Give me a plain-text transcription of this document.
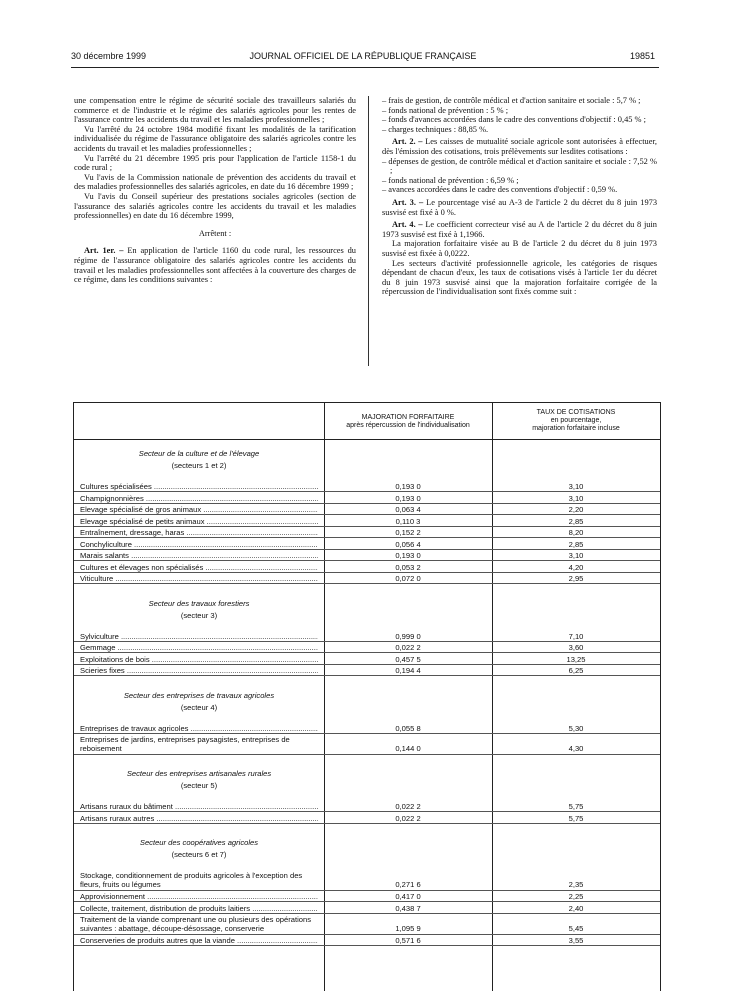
30 décembre 1999	JOURNAL OFFICIEL DE LA RÉPUBLIQUE FRANÇAISE	19851

une compensation entre le régime de sécurité sociale des travailleurs salariés du commerce et de l'industrie et le régime des salariés agricoles pour les rentes de l'assurance contre les accidents du travail et les maladies professionnelles ;

Vu l'arrêté du 24 octobre 1984 modifié fixant les modalités de la tarification individualisée du régime de l'assurance obligatoire des salariés agricoles contre les accidents du travail et les maladies professionnelles ;

Vu l'arrêté du 21 décembre 1995 pris pour l'application de l'article 1158-1 du code rural ;

Vu l'avis de la Commission nationale de prévention des accidents du travail et des maladies professionnelles des salariés agricoles, en date du 16 décembre 1999 ;

Vu l'avis du Conseil supérieur des prestations sociales agricoles (section de l'assurance des salariés agricoles contre les accidents du travail et les maladies professionnelles) en date du 16 décembre 1999,

Arrêtent :

Art. 1er. – En application de l'article 1160 du code rural, les ressources du régime de l'assurance obligatoire des salariés agricoles contre les accidents du travail et les maladies professionnelles sont affectées à la couverture des charges de ce régime, dans les conditions suivantes :

– frais de gestion, de contrôle médical et d'action sanitaire et sociale : 5,7 % ;

– fonds national de prévention : 5 % ;

– fonds d'avances accordées dans le cadre des conventions d'objectif : 0,45 % ;

– charges techniques : 88,85 %.

Art. 2. – Les caisses de mutualité sociale agricole sont autorisées à effectuer, dès l'émission des cotisations, trois prélèvements sur lesdites cotisations :

– dépenses de gestion, de contrôle médical et d'action sanitaire et sociale : 7,52 % ;

– fonds national de prévention : 6,59 % ;

– avances accordées dans le cadre des conventions d'objectif : 0,59 %.

Art. 3. – Le pourcentage visé au A-3 de l'article 2 du décret du 8 juin 1973 susvisé est fixé à 0 %.

Art. 4. – Le coefficient correcteur visé au A de l'article 2 du décret du 8 juin 1973 susvisé est fixé à 1,1966.

La majoration forfaitaire visée au B de l'article 2 du décret du 8 juin 1973 susvisé est fixée à 0,0222.

Les secteurs d'activité professionnelle agricole, les catégories de risques dépendant de chacun d'eux, les taux de cotisations visés à l'article 1er du décret du 8 juin 1973 susvisé ainsi que la majoration forfaitaire corrigée de la répercussion de l'individualisation sont fixés comme suit :

MAJORATION FORFAITAIRE
après répercussion de l'individualisation
TAUX DE COTISATIONS
en pourcentage,
majoration forfaitaire incluse
Secteur de la culture et de l'élevage
(secteurs 1 et 2)
Cultures spécialisées .....	0,193 0	3,10
Champignonnières .....	0,193 0	3,10
Elevage spécialisé de gros animaux .....	0,063 4	2,20
Elevage spécialisé de petits animaux .....	0,110 3	2,85
Entraînement, dressage, haras .....	0,152 2	8,20
Conchyliculture .....	0,056 4	2,85
Marais salants .....	0,193 0	3,10
Cultures et élevages non spécialisés .....	0,053 2	4,20
Viticulture .....	0,072 0	2,95
Secteur des travaux forestiers
(secteur 3)
Sylviculture .....	0,999 0	7,10
Gemmage .....	0,022 2	3,60
Exploitations de bois .....	0,457 5	13,25
Scieries fixes .....	0,194 4	6,25
Secteur des entreprises de travaux agricoles
(secteur 4)
Entreprises de travaux agricoles .....	0,055 8	5,30
Entreprises de jardins, entreprises paysagistes, entreprises de reboisement	0,144 0	4,30
Secteur des entreprises artisanales rurales
(secteur 5)
Artisans ruraux du bâtiment .....	0,022 2	5,75
Artisans ruraux autres .....	0,022 2	5,75
Secteur des coopératives agricoles
(secteurs 6 et 7)
Stockage, conditionnement de produits agricoles à l'exception des fleurs, fruits ou légumes	0,271 6	2,35
Approvisionnement .....	0,417 0	2,25
Collecte, traitement, distribution de produits laitiers .....	0,438 7	2,40
Traitement de la viande comprenant une ou plusieurs des opérations suivantes : abattage, découpe-désossage, conserverie	1,095 9	5,45
Conserveries de produits autres que la viande .....	0,571 6	3,55
